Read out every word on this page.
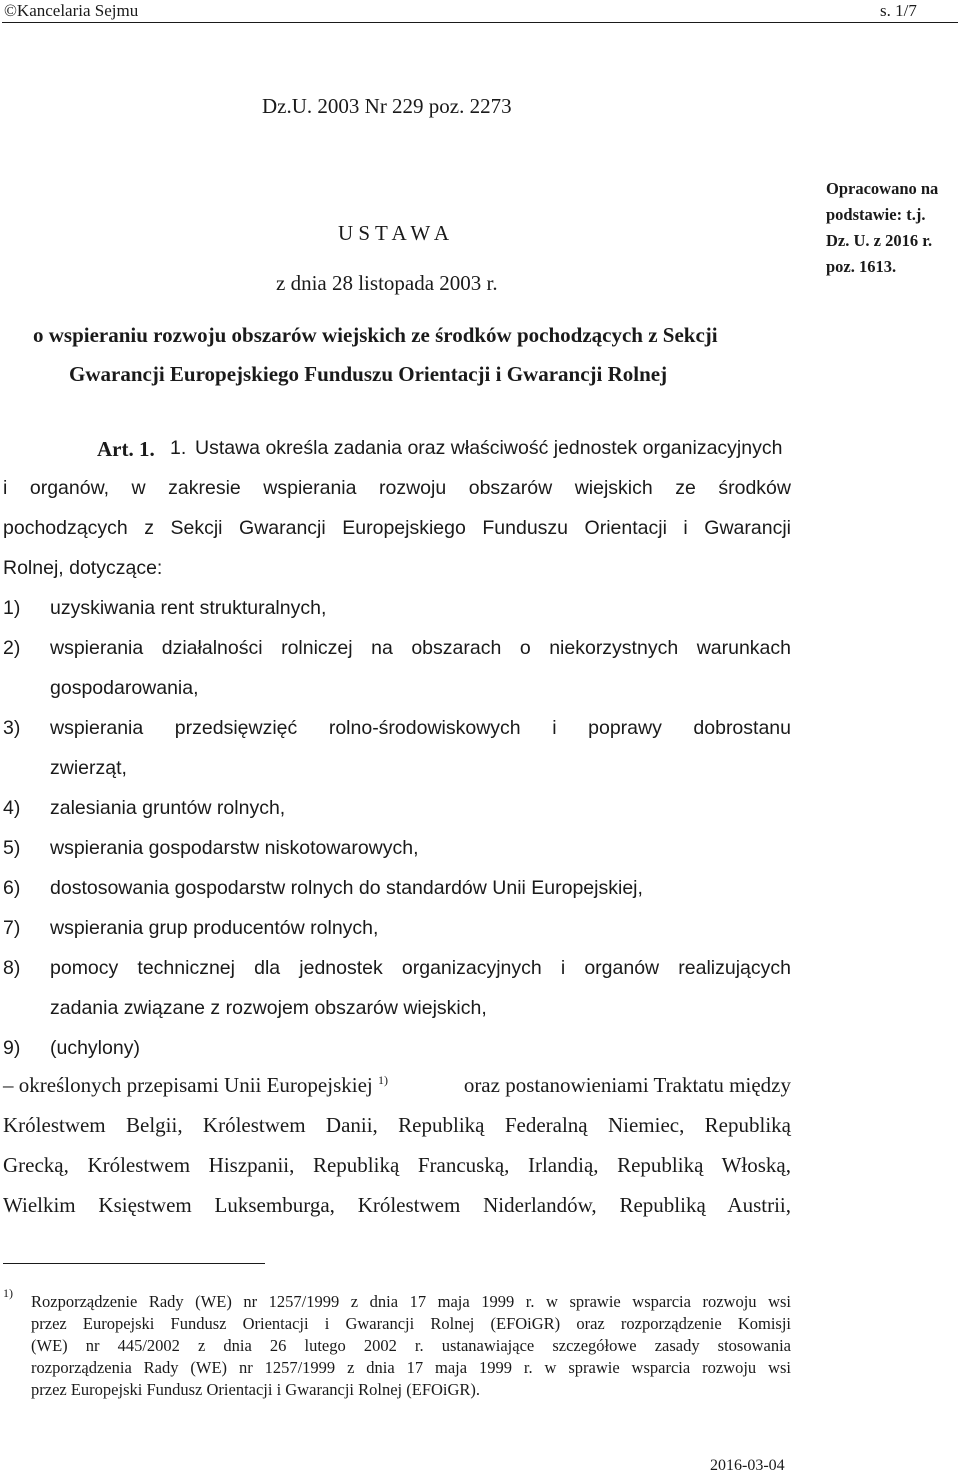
©Kancelaria Sejmu	s. 1/7
Dz.U. 2003 Nr 229 poz. 2273
Opracowano na
podstawie: t.j.
Dz. U. z 2016 r.
poz. 1613.
U S T A W A
z dnia 28 listopada 2003 r.
o wspieraniu rozwoju obszarów wiejskich ze środków pochodzących z Sekcji
Gwarancji Europejskiego Funduszu Orientacji i Gwarancji Rolnej
Art. 1. 1. Ustawa określa zadania oraz właściwość jednostek organizacyjnych
i organów, w zakresie wspierania rozwoju obszarów wiejskich ze środków
pochodzących z Sekcji Gwarancji Europejskiego Funduszu Orientacji i Gwarancji
Rolnej, dotyczące:
1) uzyskiwania rent strukturalnych,
2) wspierania działalności rolniczej na obszarach o niekorzystnych warunkach
gospodarowania,
3) wspierania przedsięwzięć rolno-środowiskowych i poprawy dobrostanu
zwierząt,
4) zalesiania gruntów rolnych,
5) wspierania gospodarstw niskotowarowych,
6) dostosowania gospodarstw rolnych do standardów Unii Europejskiej,
7) wspierania grup producentów rolnych,
8) pomocy technicznej dla jednostek organizacyjnych i organów realizujących
zadania związane z rozwojem obszarów wiejskich,
9) (uchylony)
– określonych przepisami Unii Europejskiej $^{1)}$	oraz postanowieniami Traktatu między
Królestwem Belgii, Królestwem Danii, Republiką Federalną Niemiec, Republiką
Grecką, Królestwem Hiszpanii, Republiką Francuską, Irlandią, Republiką Włoską,
Wielkim Księstwem Luksemburga, Królestwem Niderlandów, Republiką Austrii,
1) Rozporządzenie Rady (WE) nr 1257/1999 z dnia 17 maja 1999 r. w sprawie wsparcia rozwoju wsi
przez Europejski Fundusz Orientacji i Gwarancji Rolnej (EFOiGR) oraz rozporządzenie Komisji
(WE) nr 445/2002 z dnia 26 lutego 2002 r. ustanawiające szczegółowe zasady stosowania
rozporządzenia Rady (WE) nr 1257/1999 z dnia 17 maja 1999 r. w sprawie wsparcia rozwoju wsi
przez Europejski Fundusz Orientacji i Gwarancji Rolnej (EFOiGR).
2016-03-04
